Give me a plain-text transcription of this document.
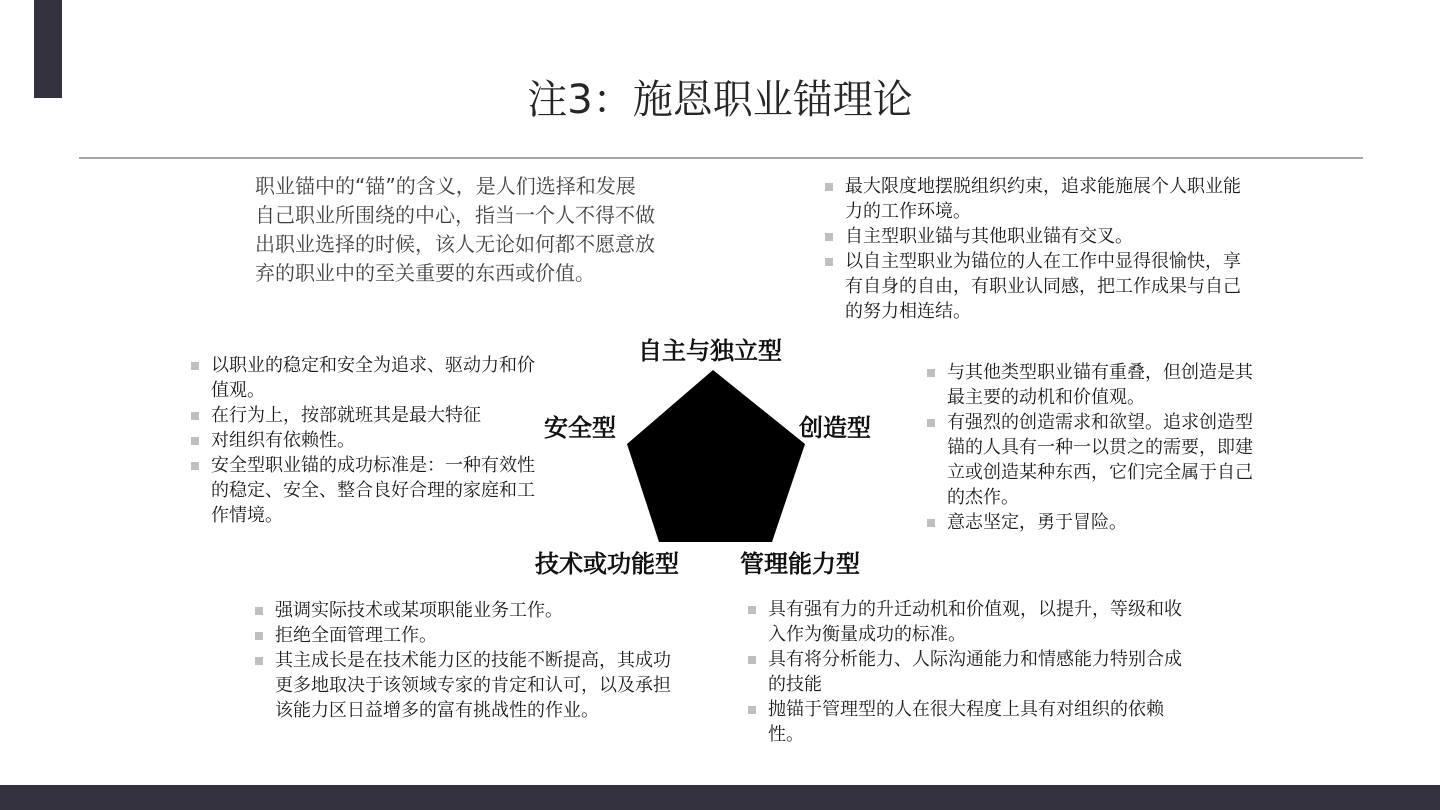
注3：施恩职业锚理论

职业锚中的“锚”的含义，是人们选择和发展

自己职业所围绕的中心，指当一个人不得不做

出职业选择的时候，该人无论如何都不愿意放

弃的职业中的至关重要的东西或价值。

最大限度地摆脱组织约束，追求能施展个人职业能力的工作环境。
自主型职业锚与其他职业锚有交叉。
以自主型职业为锚位的人在工作中显得很愉快，享有自身的自由，有职业认同感，把工作成果与自己的努力相连结。
以职业的稳定和安全为追求、驱动力和价值观。
在行为上，按部就班其是最大特征
对组织有依赖性。
安全型职业锚的成功标准是：一种有效性的稳定、安全、整合良好合理的家庭和工作情境。
与其他类型职业锚有重叠，但创造是其最主要的动机和价值观。
有强烈的创造需求和欲望。追求创造型锚的人具有一种一以贯之的需要，即建立或创造某种东西，它们完全属于自己的杰作。
意志坚定，勇于冒险。
强调实际技术或某项职能业务工作。
拒绝全面管理工作。
其主成长是在技术能力区的技能不断提高，其成功更多地取决于该领域专家的肯定和认可，以及承担该能力区日益增多的富有挑战性的作业。
具有强有力的升迁动机和价值观，以提升，等级和收入作为衡量成功的标准。
具有将分析能力、人际沟通能力和情感能力特别合成的技能
抛锚于管理型的人在很大程度上具有对组织的依赖性。
自主与独立型
安全型	创造型
技术或功能型	管理能力型
